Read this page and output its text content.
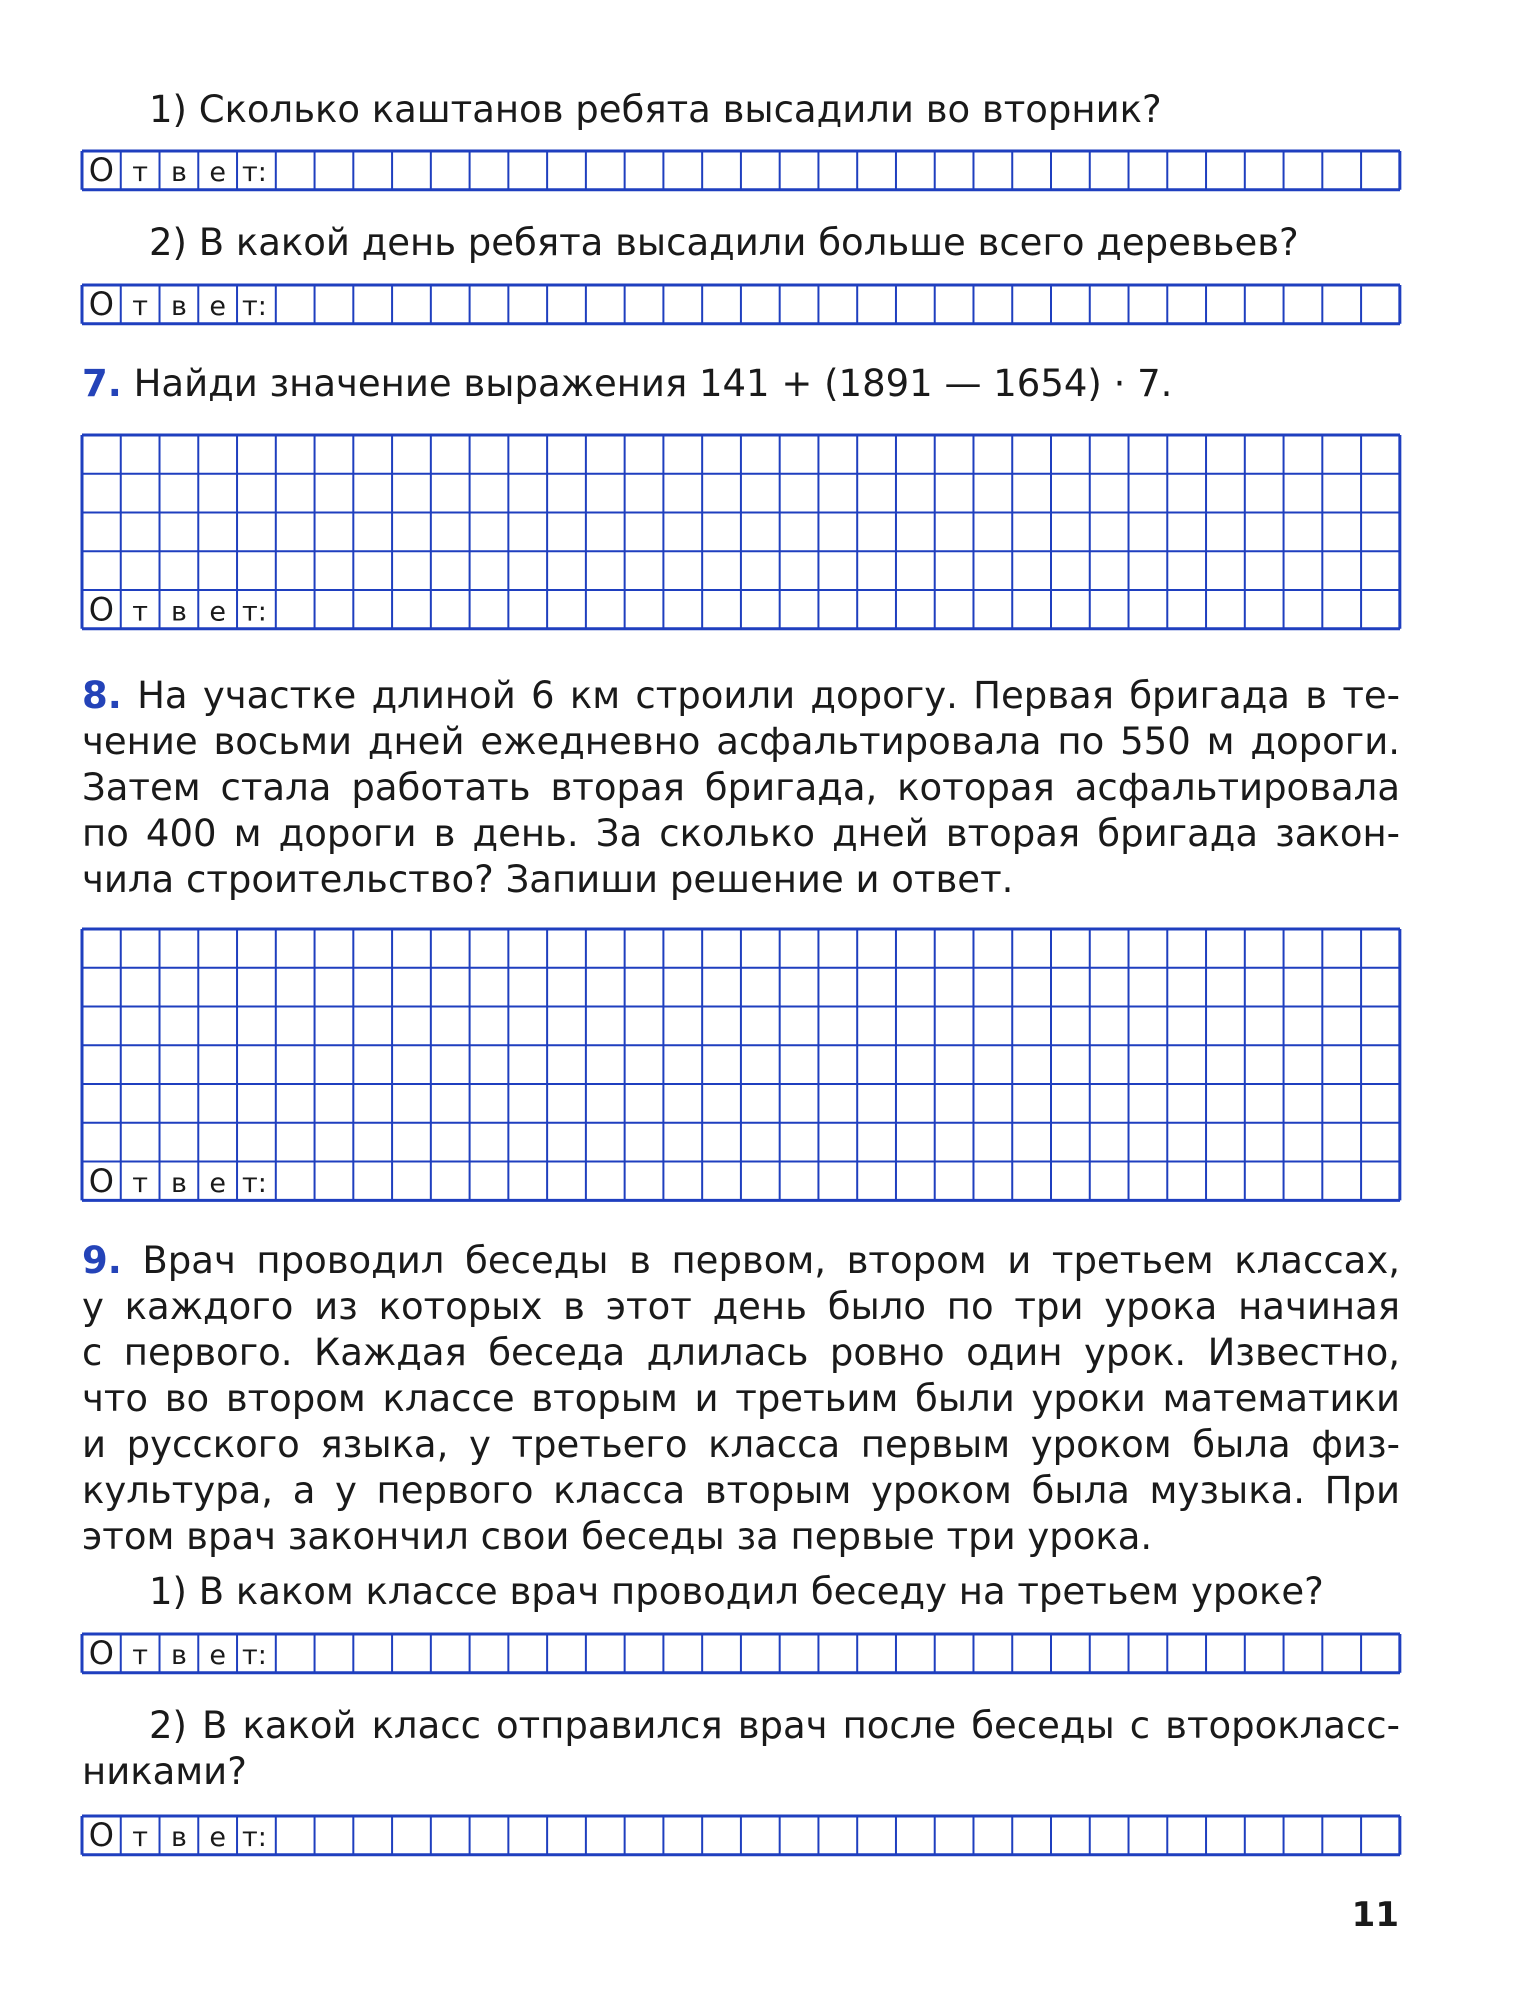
1) Сколько каштанов ребята высадили во вторник?
О т в е т:
2) В какой день ребята высадили больше всего деревьев?
О т в е т:
7. Найди значение выражения 141 + (1891 — 1654) · 7.
О т в е т:
8. На участке длиной 6 км строили дорогу. Первая бригада в те-
чение восьми дней ежедневно асфальтировала по 550 м дороги.
Затем стала работать вторая бригада, которая асфальтировала
по 400 м дороги в день. За сколько дней вторая бригада закон-
чила строительство? Запиши решение и ответ.
О т в е т:
9. Врач проводил беседы в первом, втором и третьем классах,
у каждого из которых в этот день было по три урока начиная
с первого. Каждая беседа длилась ровно один урок. Известно,
что во втором классе вторым и третьим были уроки математики
и русского языка, у третьего класса первым уроком была физ-
культура, а у первого класса вторым уроком была музыка. При
этом врач закончил свои беседы за первые три урока.
1) В каком классе врач проводил беседу на третьем уроке?
О т в е т:
2) В какой класс отправился врач после беседы с второкласс-
никами?
О т в е т:
11
